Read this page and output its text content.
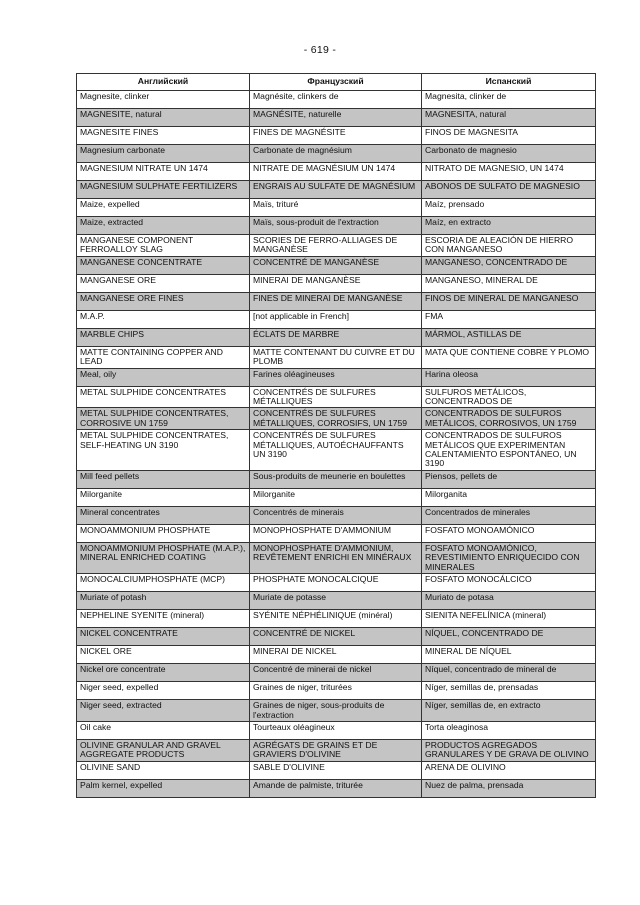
- 619 -
Английский	Французский	Испанский
Magnesite, clinker	Magnésite, clinkers de	Magnesita, clinker de
MAGNESITE, natural	MAGNÉSITE, naturelle	MAGNESITA, natural
MAGNESITE FINES	FINES DE MAGNÉSITE	FINOS DE MAGNESITA
Magnesium carbonate	Carbonate de magnésium	Carbonato de magnesio
MAGNESIUM NITRATE UN 1474	NITRATE DE MAGNÉSIUM UN 1474	NITRATO DE MAGNESIO, UN 1474
MAGNESIUM SULPHATE FERTILIZERS	ENGRAIS AU SULFATE DE MAGNÉSIUM	ABONOS DE SULFATO DE MAGNESIO
Maize, expelled	Maïs, trituré	Maíz, prensado
Maize, extracted	Maïs, sous-produit de l'extraction	Maíz, en extracto
MANGANESE COMPONENT FERROALLOY SLAG	SCORIES DE FERRO-ALLIAGES DE MANGANÈSE	ESCORIA DE ALEACIÓN DE HIERRO CON MANGANESO
MANGANESE CONCENTRATE	CONCENTRÉ DE MANGANÈSE	MANGANESO, CONCENTRADO DE
MANGANESE ORE	MINERAI DE MANGANÈSE	MANGANESO, MINERAL DE
MANGANESE ORE FINES	FINES DE MINERAI DE MANGANÈSE	FINOS DE MINERAL DE MANGANESO
M.A.P.	[not applicable in French]	FMA
MARBLE CHIPS	ÉCLATS DE MARBRE	MÁRMOL, ASTILLAS DE
MATTE CONTAINING COPPER AND LEAD	MATTE CONTENANT DU CUIVRE ET DU PLOMB	MATA QUE CONTIENE COBRE Y PLOMO
Meal, oily	Farines oléagineuses	Harina oleosa
METAL SULPHIDE CONCENTRATES	CONCENTRÉS DE SULFURES MÉTALLIQUES	SULFUROS METÁLICOS, CONCENTRADOS DE
METAL SULPHIDE CONCENTRATES, CORROSIVE UN 1759	CONCENTRÉS DE SULFURES MÉTALLIQUES, CORROSIFS, UN 1759	CONCENTRADOS DE SULFUROS METÁLICOS, CORROSIVOS, UN 1759
METAL SULPHIDE CONCENTRATES, SELF-HEATING UN 3190	CONCENTRÉS DE SULFURES MÉTALLIQUES, AUTOÉCHAUFFANTS UN 3190	CONCENTRADOS DE SULFUROS METÁLICOS QUE EXPERIMENTAN CALENTAMIENTO ESPONTÁNEO, UN 3190
Mill feed pellets	Sous-produits de meunerie en boulettes	Piensos, pellets de
Milorganite	Milorganite	Milorganita
Mineral concentrates	Concentrés de minerais	Concentrados de minerales
MONOAMMONIUM PHOSPHATE	MONOPHOSPHATE D'AMMONIUM	FOSFATO MONOAMÓNICO
MONOAMMONIUM PHOSPHATE (M.A.P.), MINERAL ENRICHED COATING	MONOPHOSPHATE D'AMMONIUM, REVÊTEMENT ENRICHI EN MINÉRAUX	FOSFATO MONOAMÓNICO, REVESTIMIENTO ENRIQUECIDO CON MINERALES
MONOCALCIUMPHOSPHATE (MCP)	PHOSPHATE MONOCALCIQUE	FOSFATO MONOCÁLCICO
Muriate of potash	Muriate de potasse	Muriato de potasa
NEPHELINE SYENITE (mineral)	SYÉNITE NÉPHÉLINIQUE (minéral)	SIENITA NEFELÍNICA (mineral)
NICKEL CONCENTRATE	CONCENTRÉ DE NICKEL	NÍQUEL, CONCENTRADO DE
NICKEL ORE	MINERAI DE NICKEL	MINERAL DE NÍQUEL
Nickel ore concentrate	Concentré de minerai de nickel	Níquel, concentrado de mineral de
Niger seed, expelled	Graines de niger, triturées	Níger, semillas de, prensadas
Niger seed, extracted	Graines de niger, sous-produits de l'extraction	Níger, semillas de, en extracto
Oil cake	Tourteaux oléagineux	Torta oleaginosa
OLIVINE GRANULAR AND GRAVEL AGGREGATE PRODUCTS	AGRÉGATS DE GRAINS ET DE GRAVIERS D'OLIVINE	PRODUCTOS AGREGADOS GRANULARES Y DE GRAVA DE OLIVINO
OLIVINE SAND	SABLE D'OLIVINE	ARENA DE OLIVINO
Palm kernel, expelled	Amande de palmiste, triturée	Nuez de palma, prensada
